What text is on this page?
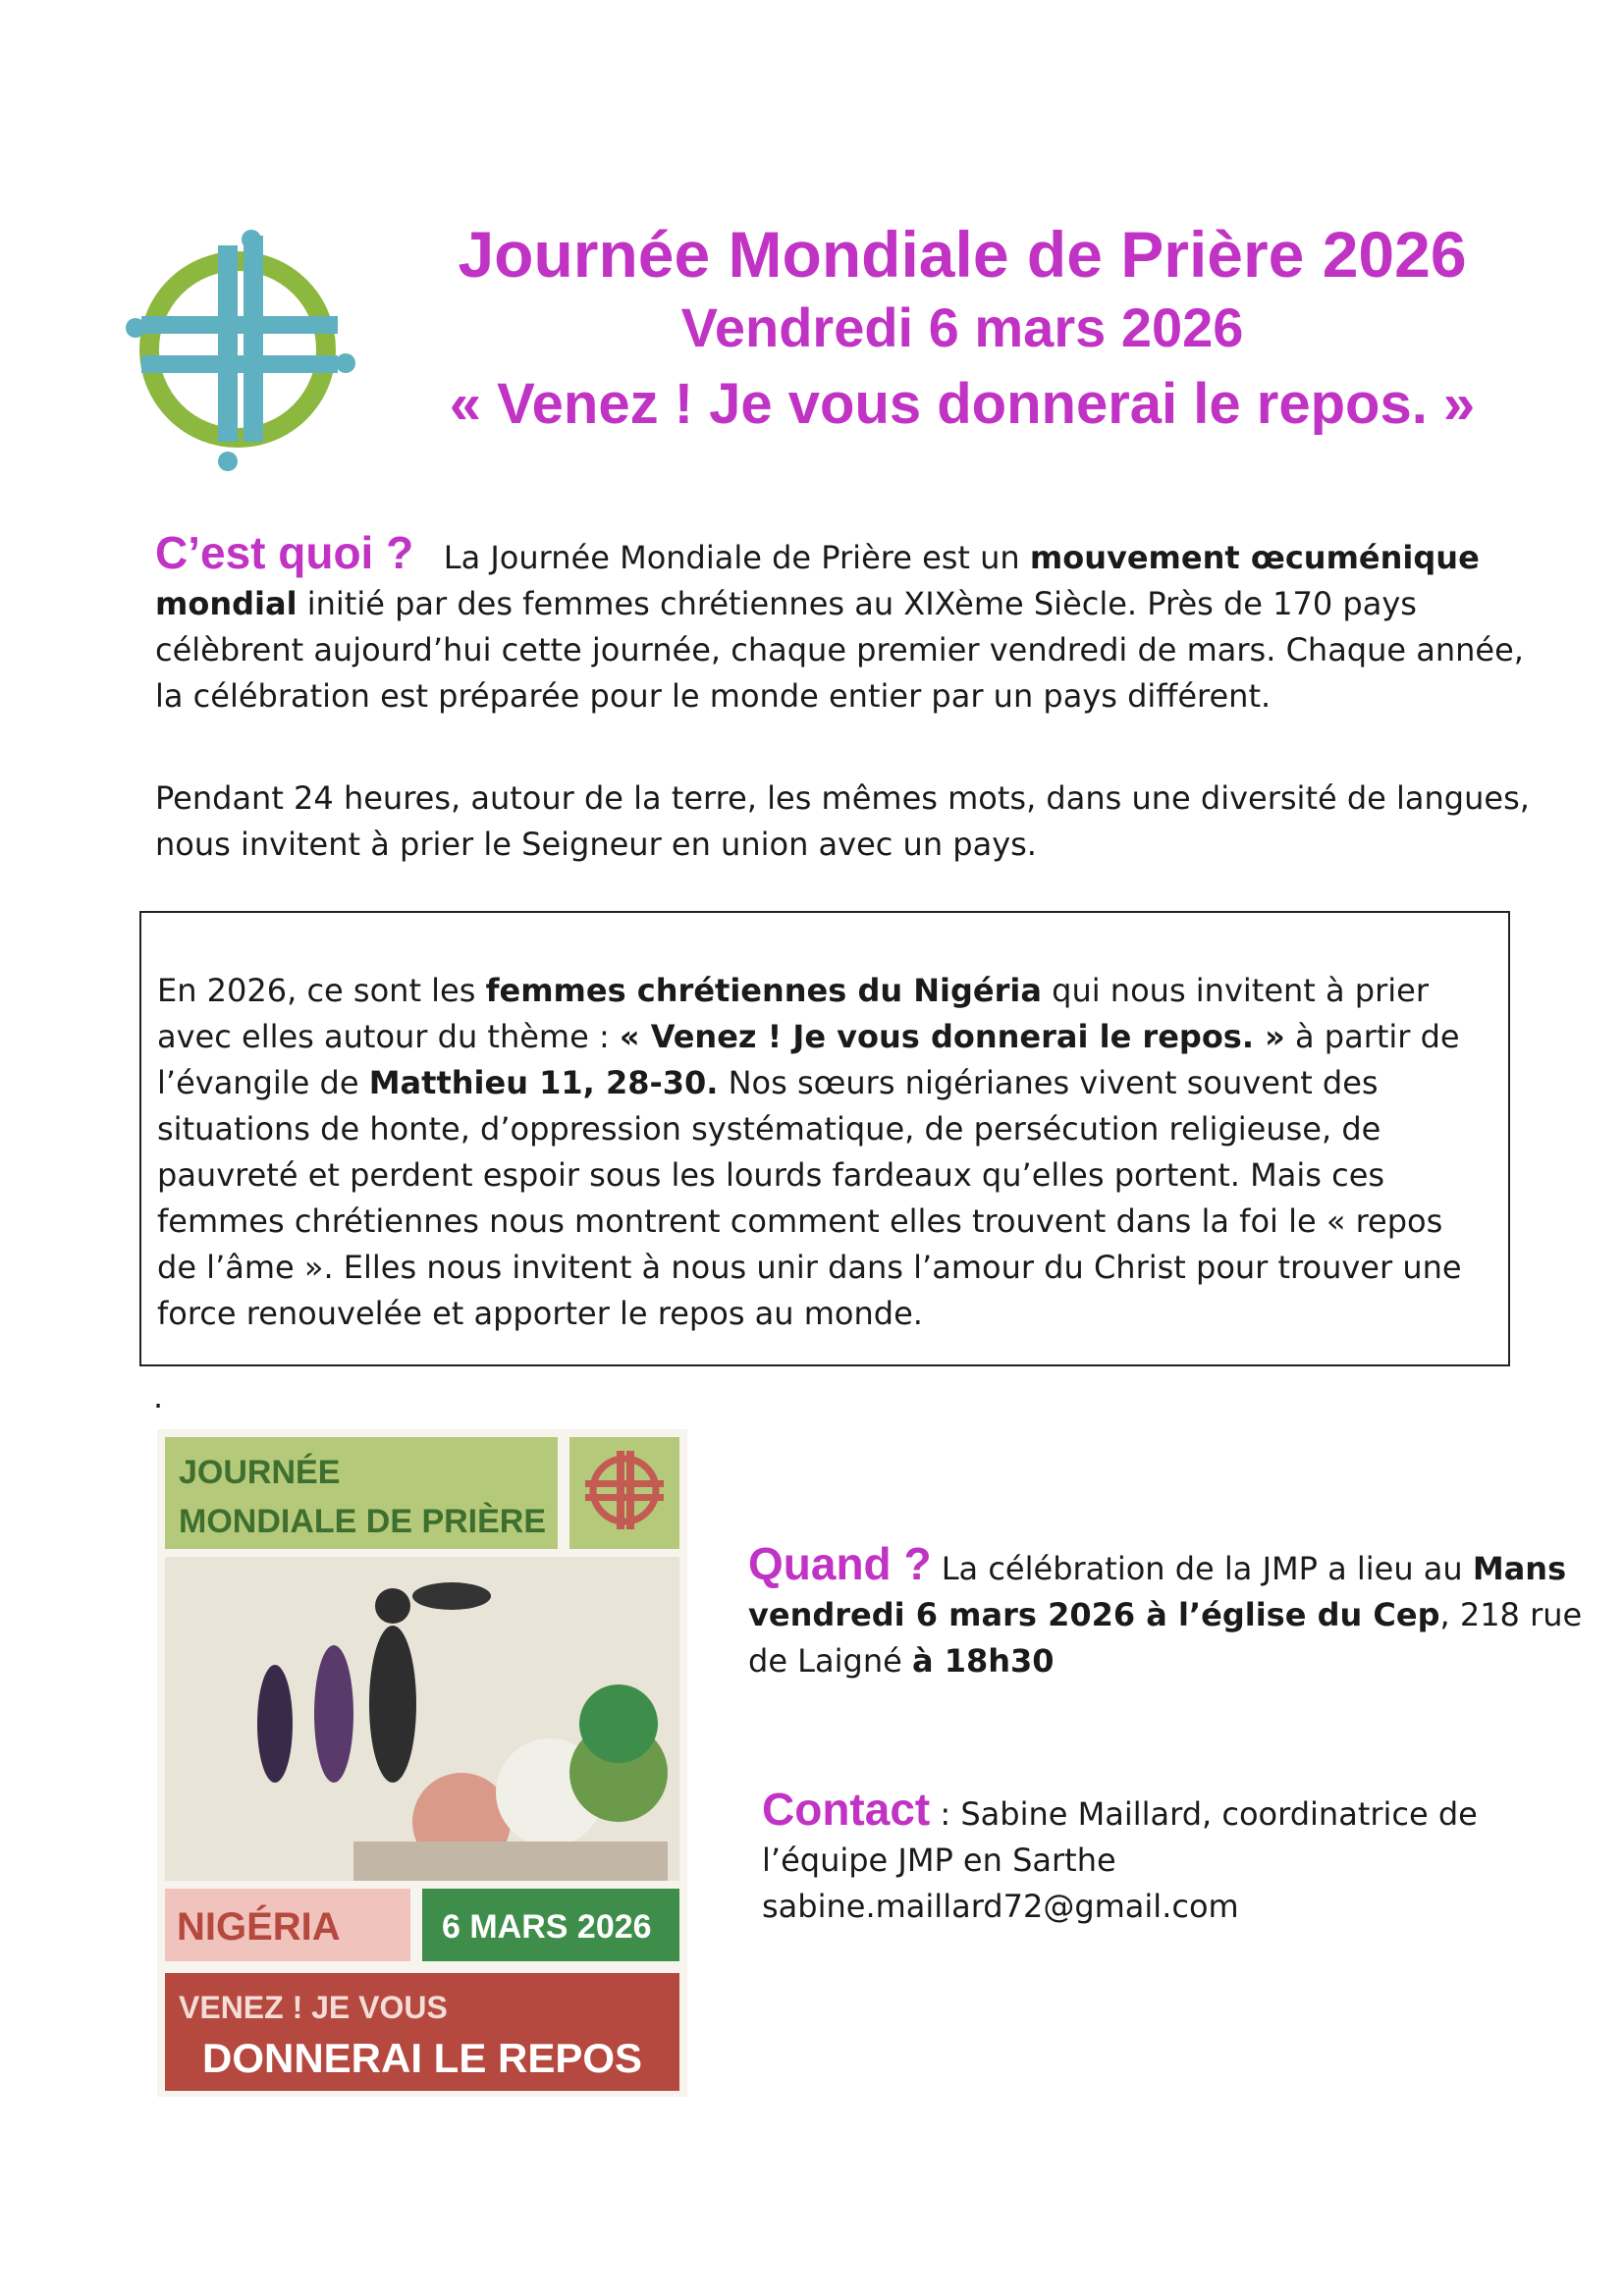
Journée Mondiale de Prière 2026

Vendredi 6 mars 2026

« Venez ! Je vous donnerai le repos. »

C’est quoi ? La Journée Mondiale de Prière est un mouvement œcuménique mondial initié par des femmes chrétiennes au XIXème Siècle. Près de 170 pays célèbrent aujourd’hui cette journée, chaque premier vendredi de mars. Chaque année, la célébration est préparée pour le monde entier par un pays différent.
Pendant 24 heures, autour de la terre, les mêmes mots, dans une diversité de langues, nous invitent à prier le Seigneur en union avec un pays.
En 2026, ce sont les femmes chrétiennes du Nigéria qui nous invitent à prier avec elles autour du thème : « Venez ! Je vous donnerai le repos. » à partir de l’évangile de Matthieu 11, 28-30. Nos sœurs nigérianes vivent souvent des situations de honte, d’oppression systématique, de persécution religieuse, de pauvreté et perdent espoir sous les lourds fardeaux qu’elles portent. Mais ces femmes chrétiennes nous montrent comment elles trouvent dans la foi le « repos de l’âme ». Elles nous invitent à nous unir dans l’amour du Christ pour trouver une force renouvelée et apporter le repos au monde.
.
JOURNÉE
MONDIALE DE PRIÈRE
NIGÉRIA	6 MARS 2026
VENEZ ! JE VOUS
DONNERAI LE REPOS
Quand ? La célébration de la JMP a lieu au Mans vendredi 6 mars 2026 à l’église du Cep, 218 rue de Laigné à 18h30
Contact : Sabine Maillard, coordinatrice de l’équipe JMP en Sarthe
sabine.maillard72@gmail.com
